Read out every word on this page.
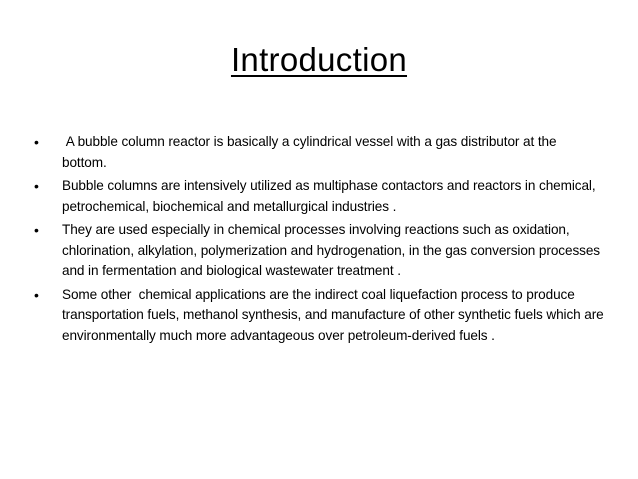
Introduction
•	A bubble column reactor is basically a cylindrical vessel with a gas distributor at the bottom.
•	Bubble columns are intensively utilized as multiphase contactors and reactors in chemical, petrochemical, biochemical and metallurgical industries .
•	They are used especially in chemical processes involving reactions such as oxidation, chlorination, alkylation, polymerization and hydrogenation, in the gas conversion processes and in fermentation and biological wastewater treatment .
•	Some other  chemical applications are the indirect coal liquefaction process to produce transportation fuels, methanol synthesis, and manufacture of other synthetic fuels which are environmentally much more advantageous over petroleum-derived fuels .
